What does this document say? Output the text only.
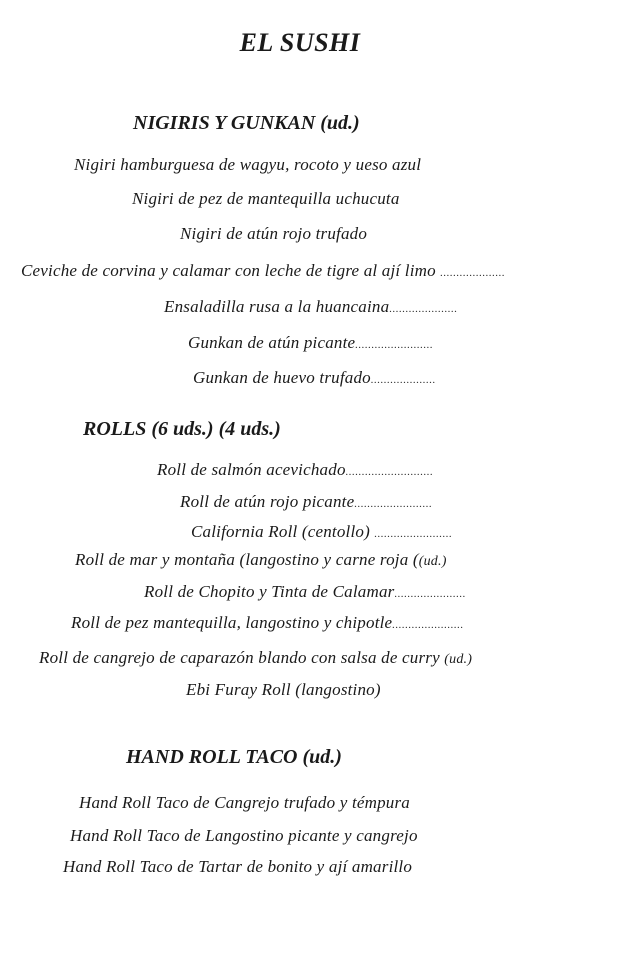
EL SUSHI
NIGIRIS Y GUNKAN (ud.)

Nigiri hamburguesa de wagyu, rocoto y ueso azul

Nigiri de pez de mantequilla uchucuta

Nigiri de atún rojo trufado

Ceviche de corvina y calamar con leche de tigre al ají limo ....................

Ensaladilla rusa a la huancaina.....................

Gunkan de atún picante........................

Gunkan de huevo trufado....................

ROLLS (6 uds.) (4 uds.)

Roll de salmón acevichado...........................

Roll de atún rojo picante........................

California Roll (centollo) ........................

Roll de mar y montaña (langostino y carne roja ((ud.)

Roll de Chopito y Tinta de Calamar......................

Roll de pez mantequilla, langostino y chipotle......................

Roll de cangrejo de caparazón blando con salsa de curry (ud.)

Ebi Furay Roll (langostino)

HAND ROLL TACO (ud.)

Hand Roll Taco de Cangrejo trufado y témpura

Hand Roll Taco de Langostino picante y cangrejo

Hand Roll Taco de Tartar de bonito y ají amarillo
